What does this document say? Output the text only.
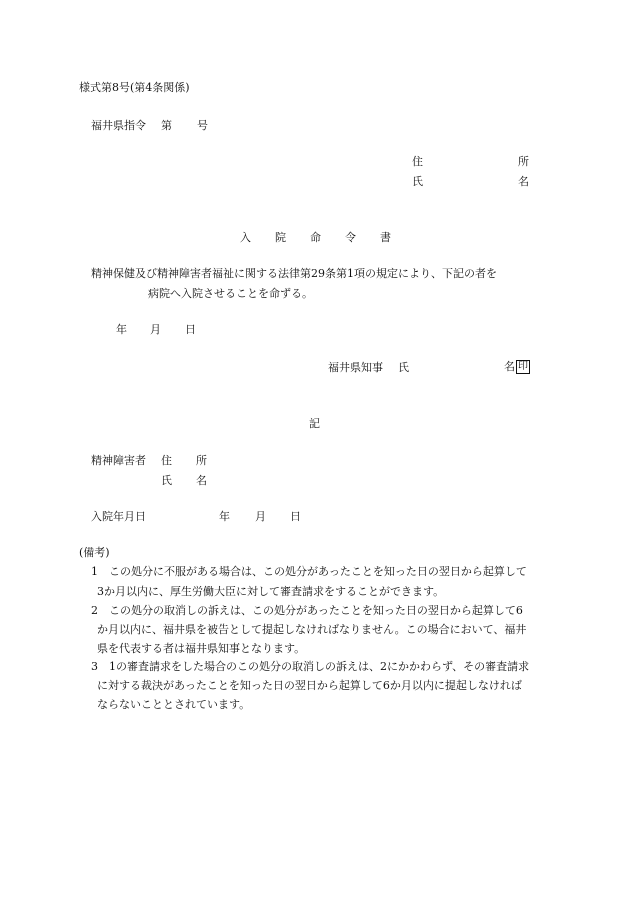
様式第8号(第4条関係)
福井県指令 第 号
住	所
氏	名
入 院 命 令 書
精神保健及び精神障害者福祉に関する法律第29条第1項の規定により、下記の者を
病院へ入院させることを命ずる。
年 月 日
福井県知事 氏	名 印
記
精神障害者 住 所
氏 名
入院年月日	年 月 日
(備考)
1 この処分に不服がある場合は、この処分があったことを知った日の翌日から起算して
3か月以内に、厚生労働大臣に対して審査請求をすることができます。
2 この処分の取消しの訴えは、この処分があったことを知った日の翌日から起算して6
か月以内に、福井県を被告として提起しなければなりません。この場合において、福井
県を代表する者は福井県知事となります。
3 1の審査請求をした場合のこの処分の取消しの訴えは、2にかかわらず、その審査請求
に対する裁決があったことを知った日の翌日から起算して6か月以内に提起しなければ
ならないこととされています。
